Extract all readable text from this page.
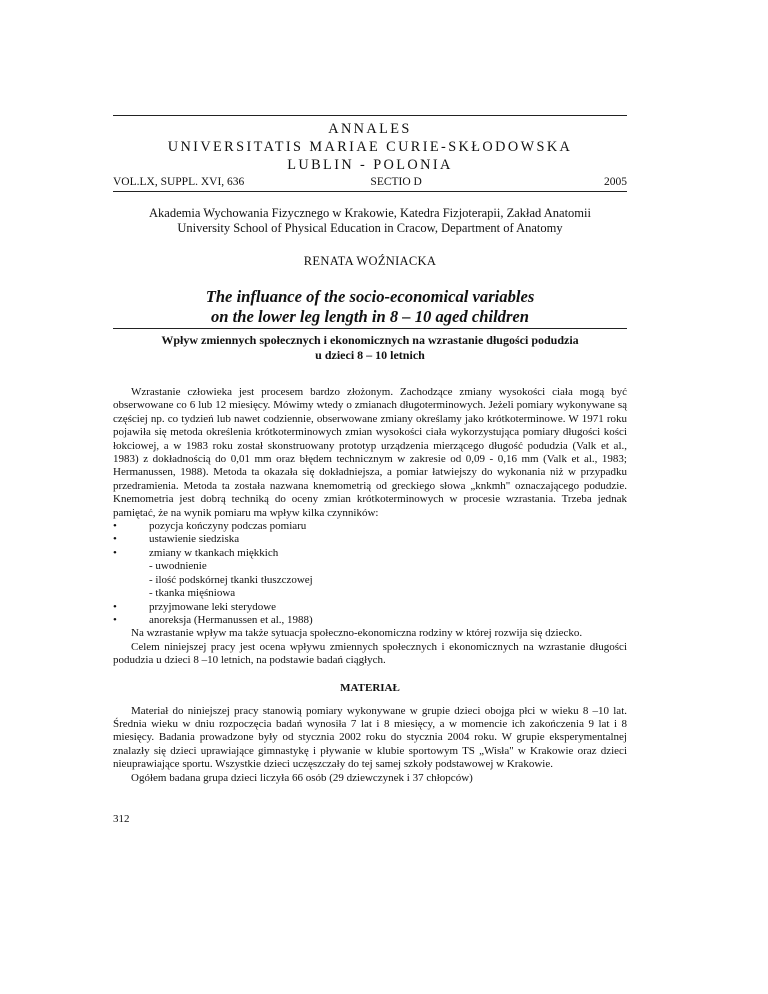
ANNALES
UNIVERSITATIS MARIAE CURIE-SKŁODOWSKA
LUBLIN - POLONIA
VOL.LX, SUPPL. XVI, 636	SECTIO D	2005
Akademia Wychowania Fizycznego w Krakowie, Katedra Fizjoterapii, Zakład Anatomii
University School of Physical Education in Cracow, Department of Anatomy
RENATA WOŹNIACKA
The influance of the socio-economical variables
on the lower leg length in 8 – 10 aged children
Wpływ zmiennych społecznych i ekonomicznych na wzrastanie długości podudzia
u dzieci 8 – 10 letnich

Wzrastanie człowieka jest procesem bardzo złożonym. Zachodzące zmiany wysokości ciała mogą być obserwowane co 6 lub 12 miesięcy. Mówimy wtedy o zmianach długoterminowych. Jeżeli pomiary wykonywane są częściej np. co tydzień lub nawet codziennie, obserwowane zmiany określamy jako krótkoterminowe. W 1971 roku pojawiła się metoda określenia krótkoterminowych zmian wysokości ciała wykorzystująca pomiary długości kości łokciowej, a w 1983 roku został skonstruowany prototyp urządzenia mierzącego długość podudzia (Valk et al., 1983) z dokładnością do 0,01 mm oraz błędem technicznym w zakresie od 0,09 - 0,16 mm (Valk et al., 1983; Hermanussen, 1988). Metoda ta okazała się dokładniejsza, a pomiar łatwiejszy do wykonania niż w przypadku przedramienia. Metoda ta została nazwana knemometrią od greckiego słowa „knkmh" oznaczającego podudzie. Knemometria jest dobrą techniką do oceny zmian krótkoterminowych w procesie wzrastania. Trzeba jednak pamiętać, że na wynik pomiaru ma wpływ kilka czynników:

• pozycja kończyny podczas pomiaru
• ustawienie siedziska
• zmiany w tkankach miękkich
- uwodnienie
- ilość podskórnej tkanki tłuszczowej
- tkanka mięśniowa
• przyjmowane leki sterydowe
• anoreksja (Hermanussen et al., 1988)

Na wzrastanie wpływ ma także sytuacja społeczno-ekonomiczna rodziny w której rozwija się dziecko.

Celem niniejszej pracy jest ocena wpływu zmiennych społecznych i ekonomicznych na wzrastanie długości podudzia u dzieci 8 –10 letnich, na podstawie badań ciągłych.

MATERIAŁ

Materiał do niniejszej pracy stanowią pomiary wykonywane w grupie dzieci obojga płci w wieku 8 –10 lat. Średnia wieku w dniu rozpoczęcia badań wynosiła 7 lat i 8 miesięcy, a w momencie ich zakończenia 9 lat i 8 miesięcy. Badania prowadzone były od stycznia 2002 roku do stycznia 2004 roku. W grupie eksperymentalnej znalazły się dzieci uprawiające gimnastykę i pływanie w klubie sportowym TS „Wisła" w Krakowie oraz dzieci nieuprawiające sportu. Wszystkie dzieci uczęszczały do tej samej szkoły podstawowej w Krakowie.

Ogółem badana grupa dzieci liczyła 66 osób (29 dziewczynek i 37 chłopców)

312
